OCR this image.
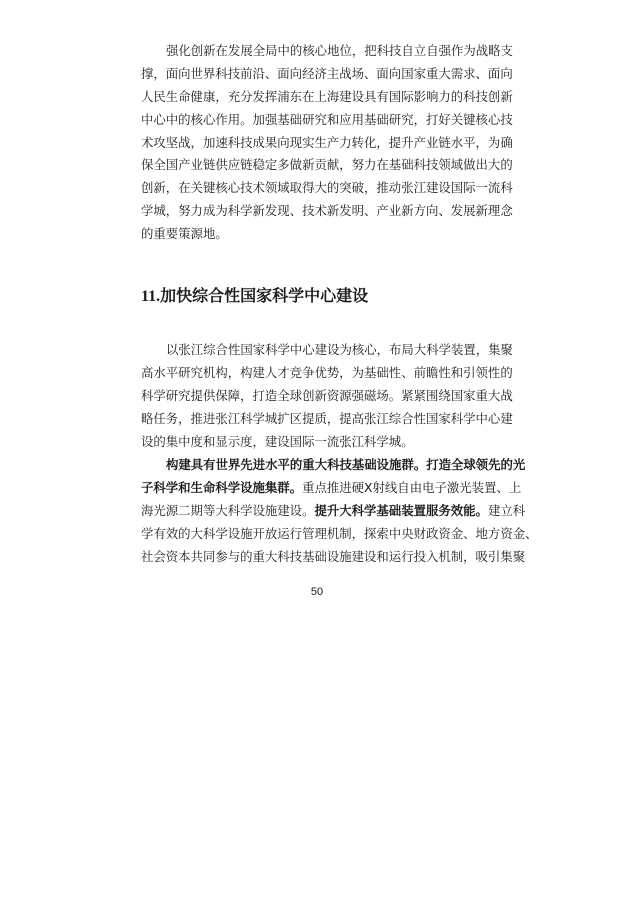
强化创新在发展全局中的核心地位，把科技自立自强作为战略支
撑，面向世界科技前沿、面向经济主战场、面向国家重大需求、面向
人民生命健康，充分发挥浦东在上海建设具有国际影响力的科技创新
中心中的核心作用。加强基础研究和应用基础研究，打好关键核心技
术攻坚战，加速科技成果向现实生产力转化，提升产业链水平，为确
保全国产业链供应链稳定多做新贡献，努力在基础科技领域做出大的
创新，在关键核心技术领域取得大的突破，推动张江建设国际一流科
学城，努力成为科学新发现、技术新发明、产业新方向、发展新理念
的重要策源地。
11.加快综合性国家科学中心建设
以张江综合性国家科学中心建设为核心，布局大科学装置，集聚
高水平研究机构，构建人才竞争优势，为基础性、前瞻性和引领性的
科学研究提供保障，打造全球创新资源强磁场。紧紧围绕国家重大战
略任务，推进张江科学城扩区提质，提高张江综合性国家科学中心建
设的集中度和显示度，建设国际一流张江科学城。
构建具有世界先进水平的重大科技基础设施群。打造全球领先的光
子科学和生命科学设施集群。重点推进硬X射线自由电子激光装置、上
海光源二期等大科学设施建设。提升大科学基础装置服务效能。建立科
学有效的大科学设施开放运行管理机制，探索中央财政资金、地方资金、
社会资本共同参与的重大科技基础设施建设和运行投入机制，吸引集聚
50
